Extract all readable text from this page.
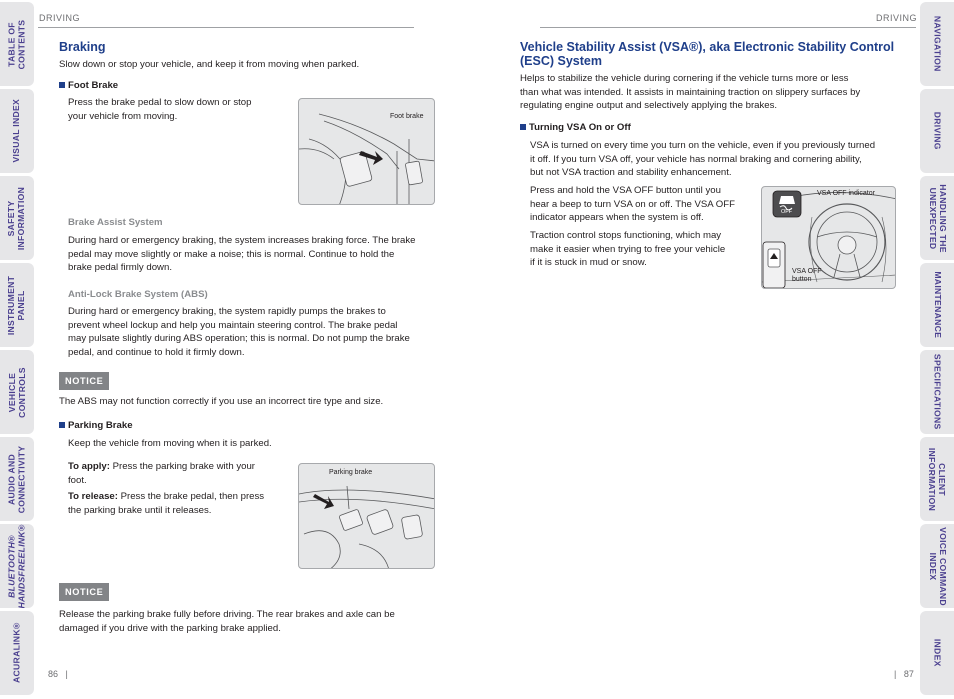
TABLE OF
CONTENTS
VISUAL INDEX
SAFETY
INFORMATION
INSTRUMENT
PANEL
VEHICLE
CONTROLS
AUDIO AND
CONNECTIVITY
BLUETOOTH®
HANDSFREELINK®
ACURALINK®
NAVIGATION
DRIVING
HANDLING THE
UNEXPECTED
MAINTENANCE
SPECIFICATIONS
CLIENT
INFORMATION
VOICE COMMAND
INDEX
INDEX
DRIVING
Braking
Slow down or stop your vehicle, and keep it from moving when parked.
Foot Brake
Press the brake pedal to slow down or stop
your vehicle from moving.	Foot brake
Brake Assist System
During hard or emergency braking, the system increases braking force. The brake
pedal may move slightly or make a noise; this is normal. Continue to hold the
brake pedal firmly down.
Anti-Lock Brake System (ABS)
During hard or emergency braking, the system rapidly pumps the brakes to
prevent wheel lockup and help you maintain steering control. The brake pedal
may pulsate slightly during ABS operation; this is normal. Do not pump the brake
pedal, and continue to hold it firmly down.
NOTICE
The ABS may not function correctly if you use an incorrect tire type and size.
Parking Brake
Keep the vehicle from moving when it is parked.
To apply: Press the parking brake with your
foot.
To release: Press the brake pedal, then press
the parking brake until it releases.
Parking brake
NOTICE
Release the parking brake fully before driving. The rear brakes and axle can be
damaged if you drive with the parking brake applied.
86   |
DRIVING
Vehicle Stability Assist (VSA®), aka Electronic Stability Control
(ESC) System
Helps to stabilize the vehicle during cornering if the vehicle turns more or less
than what was intended. It assists in maintaining traction on slippery surfaces by
regulating engine output and selectively applying the brakes.
Turning VSA On or Off
VSA is turned on every time you turn on the vehicle, even if you previously turned
it off. If you turn VSA off, your vehicle has normal braking and cornering ability,
but not VSA traction and stability enhancement.
Press and hold the VSA OFF button until you
hear a beep to turn VSA on or off. The VSA OFF
indicator appears when the system is off.
Traction control stops functioning, which may
make it easier when trying to free your vehicle
if it is stuck in mud or snow.
OFF
VSA OFF indicator
VSA OFF
button
|   87
